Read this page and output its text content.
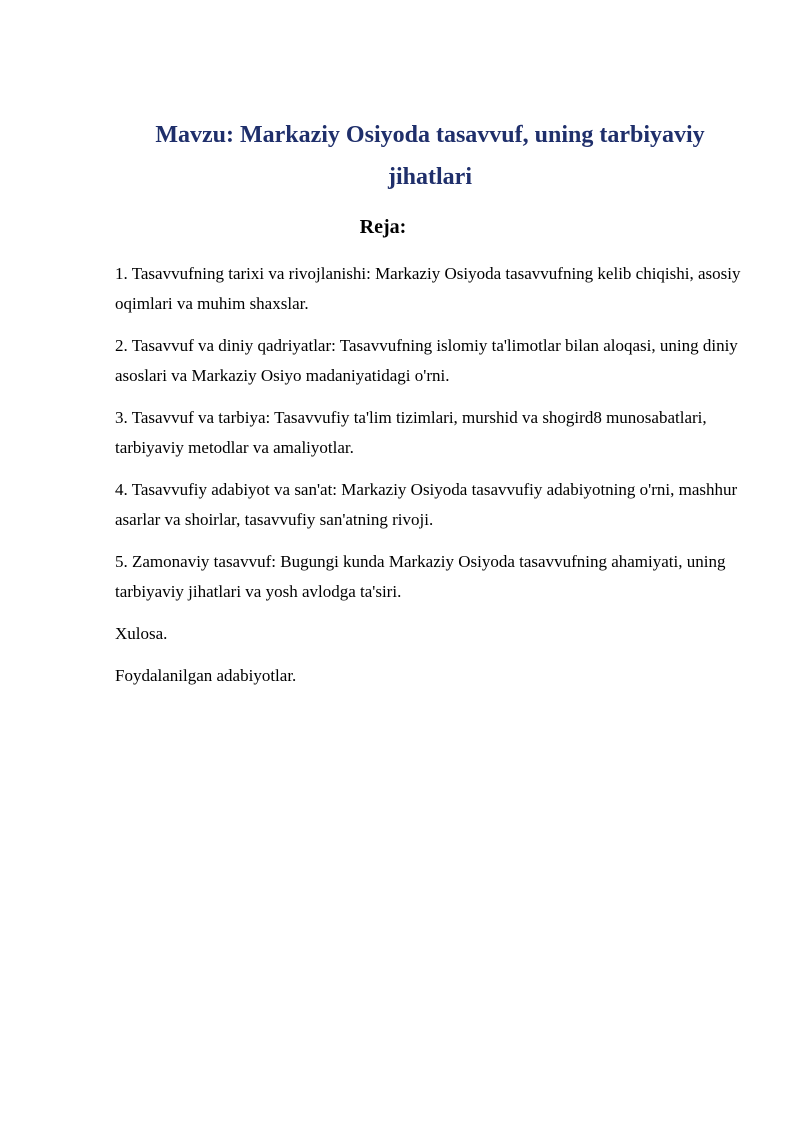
Mavzu: Markaziy Osiyoda tasavvuf, uning tarbiyaviy jihatlari
Reja:
1. Tasavvufning tarixi va rivojlanishi: Markaziy Osiyoda tasavvufning kelib chiqishi, asosiy oqimlari va muhim shaxslar.
2. Tasavvuf va diniy qadriyatlar: Tasavvufning islomiy ta'limotlar bilan aloqasi, uning diniy asoslari va Markaziy Osiyo madaniyatidagi o'rni.
3. Tasavvuf va tarbiya: Tasavvufiy ta'lim tizimlari, murshid va shogird8 munosabatlari, tarbiyaviy metodlar va amaliyotlar.
4. Tasavvufiy adabiyot va san'at: Markaziy Osiyoda tasavvufiy adabiyotning o'rni, mashhur asarlar va shoirlar, tasavvufiy san'atning rivoji.
5. Zamonaviy tasavvuf: Bugungi kunda Markaziy Osiyoda tasavvufning ahamiyati, uning tarbiyaviy jihatlari va yosh avlodga ta'siri.
Xulosa.
Foydalanilgan adabiyotlar.
